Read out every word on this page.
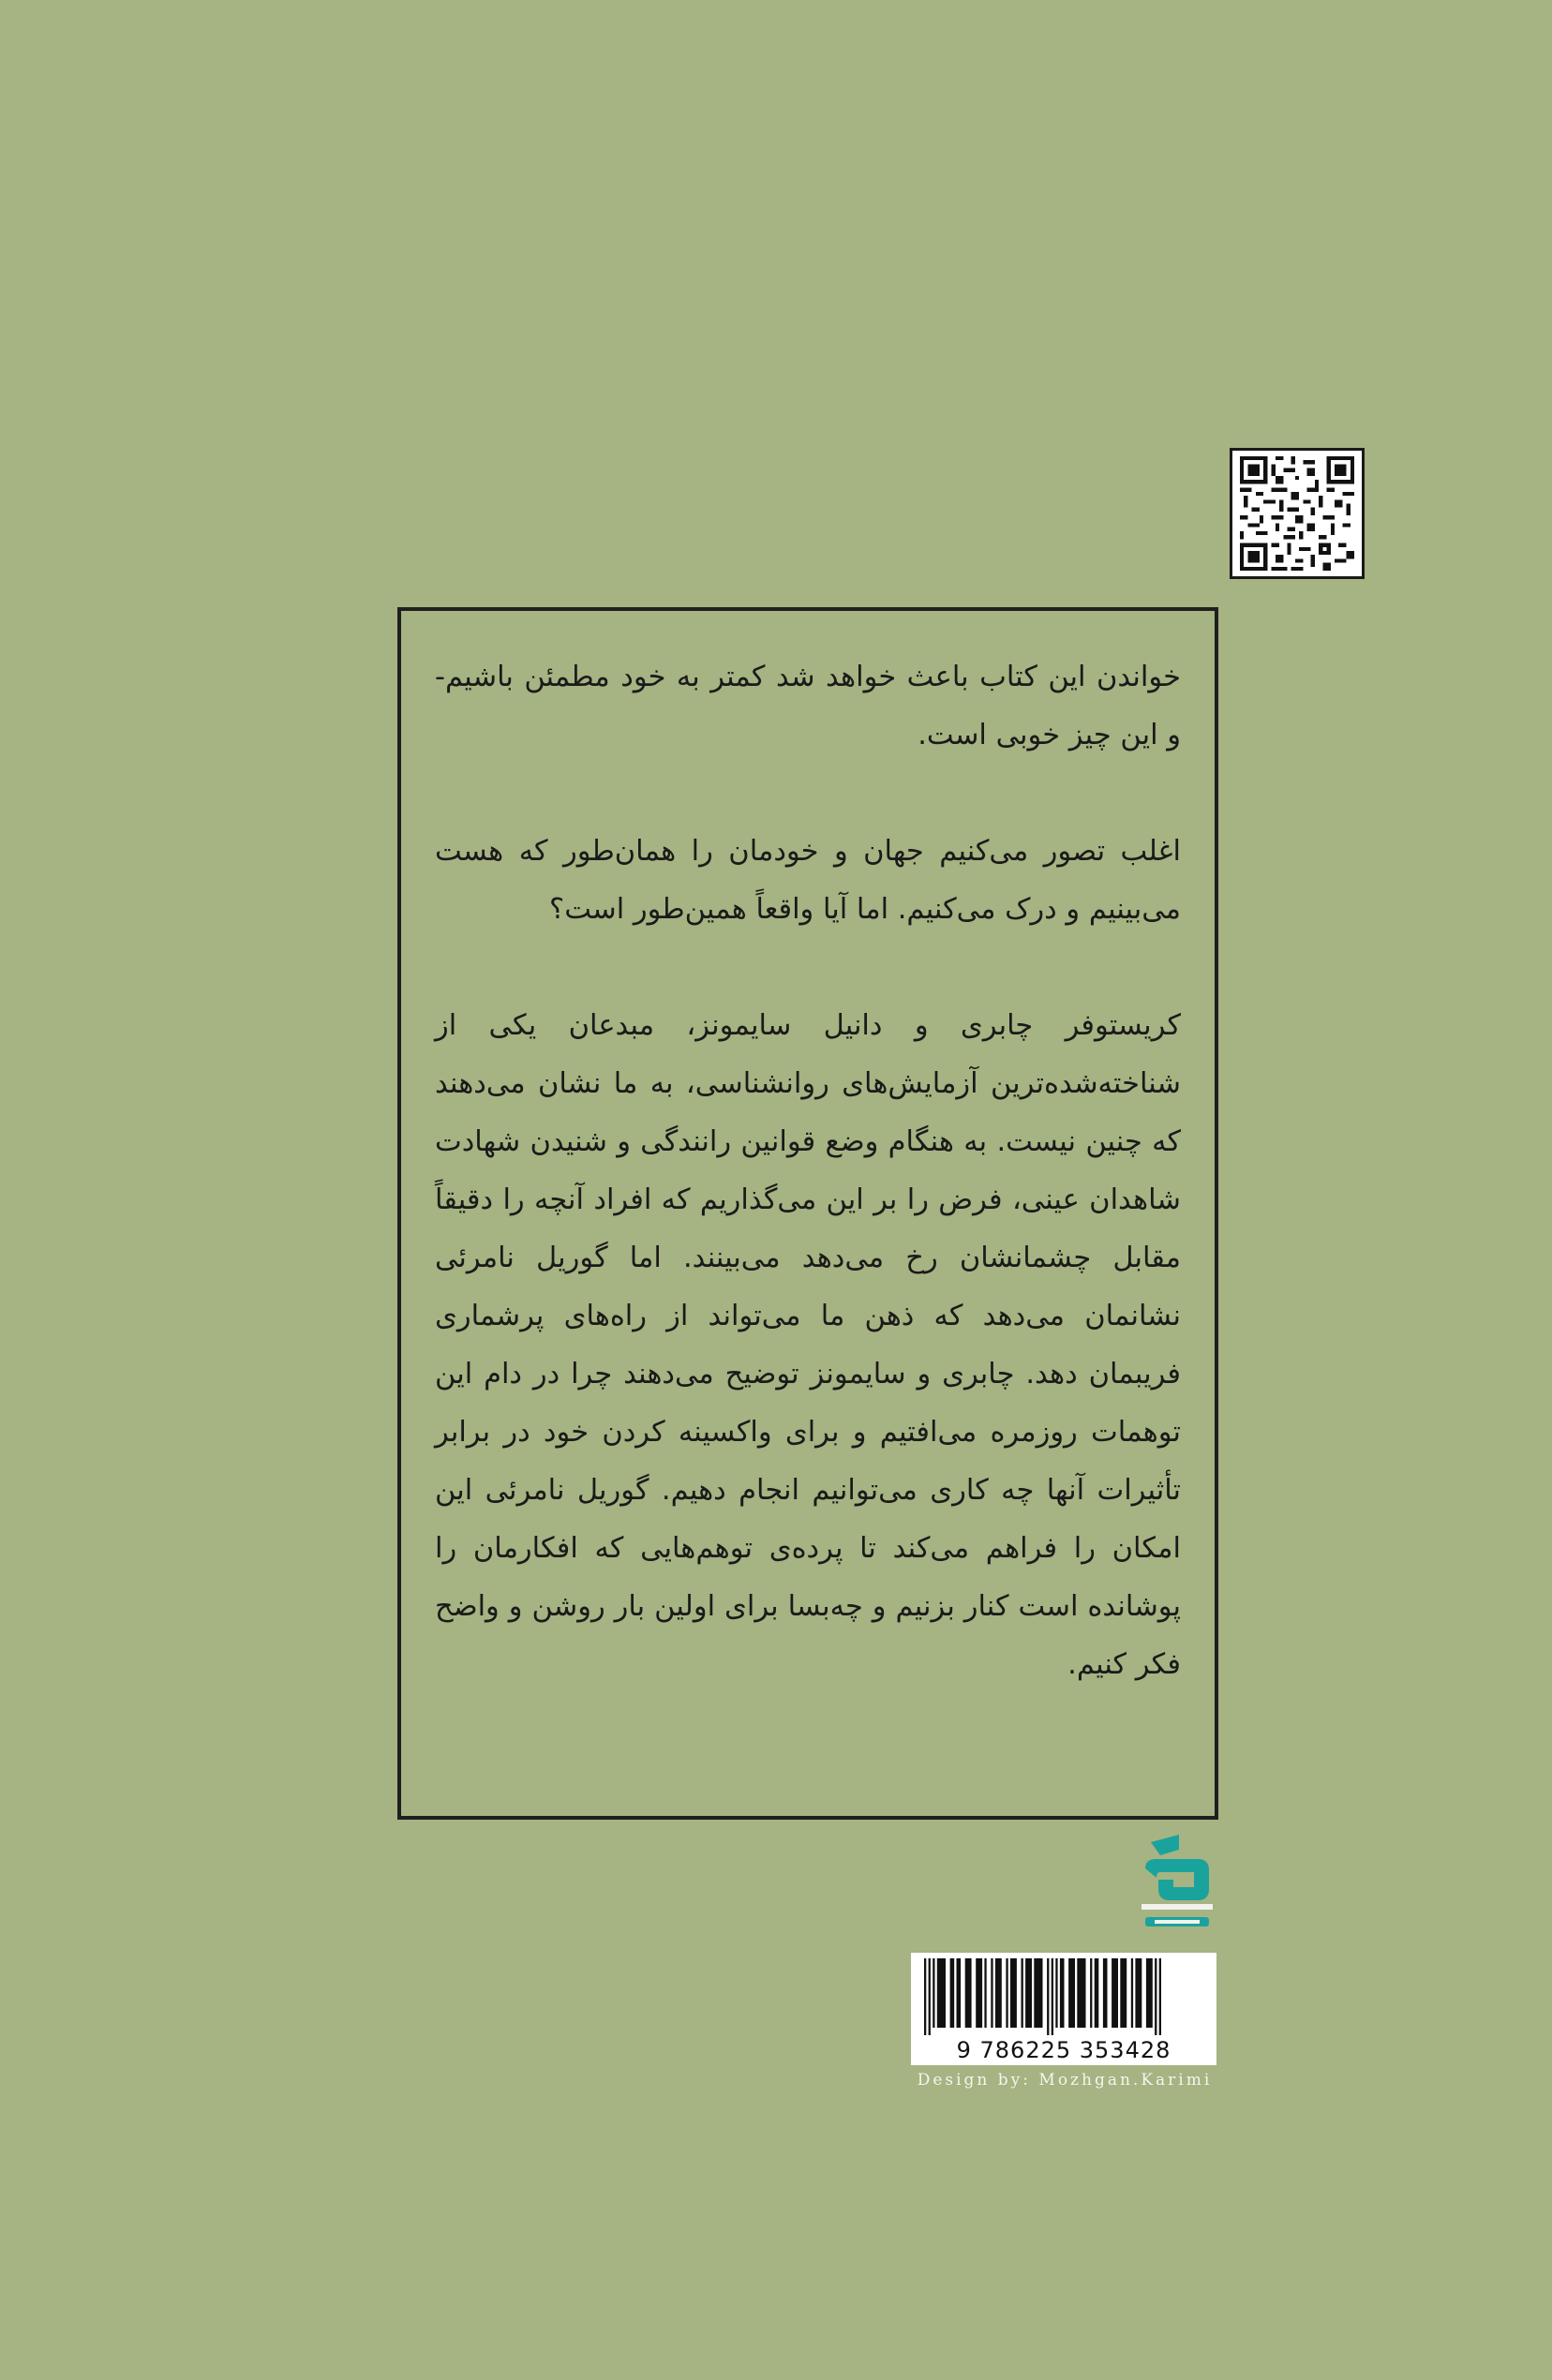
خواندن این کتاب باعث خواهد شد کمتر به خود مطمئن باشیم- و این چیز خوبی است.

اغلب تصور می‌کنیم جهان و خودمان را همان‌طور که هست می‌بینیم و درک می‌کنیم. اما آیا واقعاً همین‌طور است؟

کریستوفر چابری و دانیل سایمونز، مبدعان یکی از شناخته‌شده‌ترین آزمایش‌های روانشناسی، به ما نشان می‌دهند که چنین نیست. به هنگام وضع قوانین رانندگی و شنیدن شهادت شاهدان عینی، فرض را بر این می‌گذاریم که افراد آنچه را دقیقاً مقابل چشمانشان رخ می‌دهد می‌بینند. اما گوریل نامرئی نشانمان می‌دهد که ذهن ما می‌تواند از راه‌های پرشماری فریبمان دهد. چابری و سایمونز توضیح می‌دهند چرا در دام این توهمات روزمره می‌افتیم و برای واکسینه کردن خود در برابر تأثیرات آنها چه کاری می‌توانیم انجام دهیم. گوریل نامرئی این امکان را فراهم می‌کند تا پرده‌ی توهم‌هایی که افکارمان را پوشانده است کنار بزنیم و چه‌بسا برای اولین بار روشن و واضح فکر کنیم.

9 786225 353428
Design by: Mozhgan.Karimi
